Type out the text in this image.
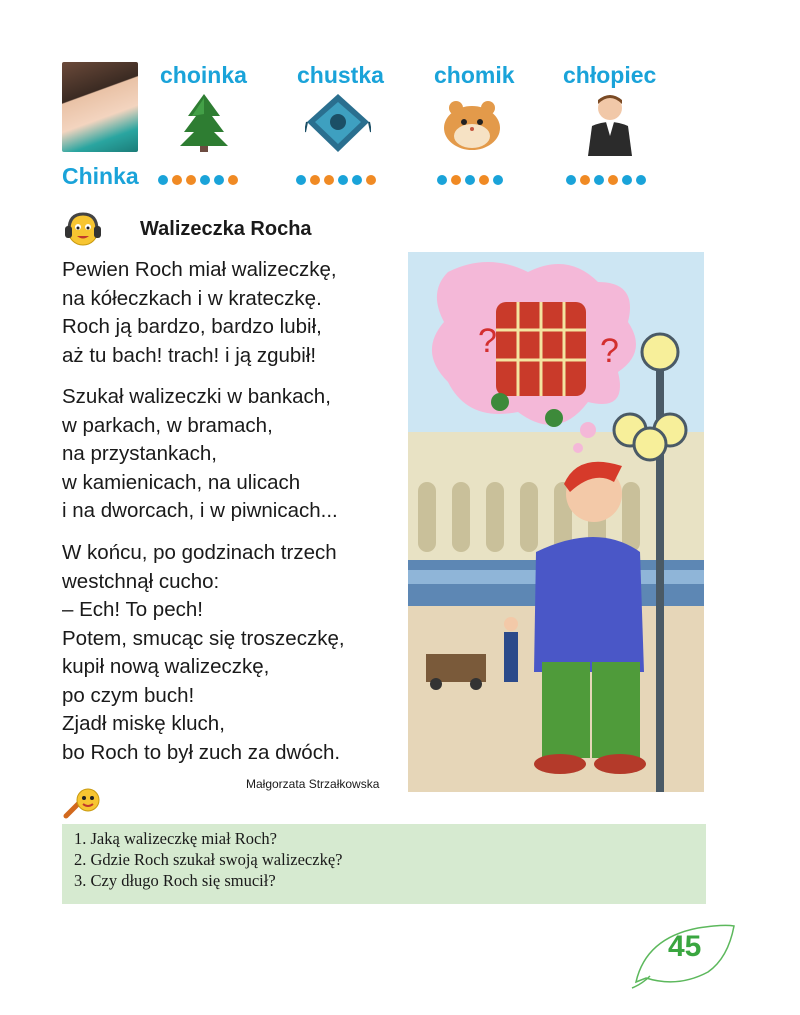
Chinka
choinka chustka chomik chłopiec
Walizeczka Rocha
Pewien Roch miał walizeczkę,
na kółeczkach i w krateczkę.
Roch ją bardzo, bardzo lubił,
aż tu bach! trach! i ją zgubił!
Szukał walizeczki w bankach,
w parkach, w bramach,
na przystankach,
w kamienicach, na ulicach
i na dworcach, i w piwnicach...
W końcu, po godzinach trzech
westchnął cucho:
– Ech! To pech!
Potem, smucąc się troszeczkę,
kupił nową walizeczkę,
po czym buch!
Zjadł miskę kluch,
bo Roch to był zuch za dwóch.
Małgorzata Strzałkowska
?	?
1. Jaką walizeczkę miał Roch?
2. Gdzie Roch szukał swoją walizeczkę?
3. Czy długo Roch się smucił?
45
